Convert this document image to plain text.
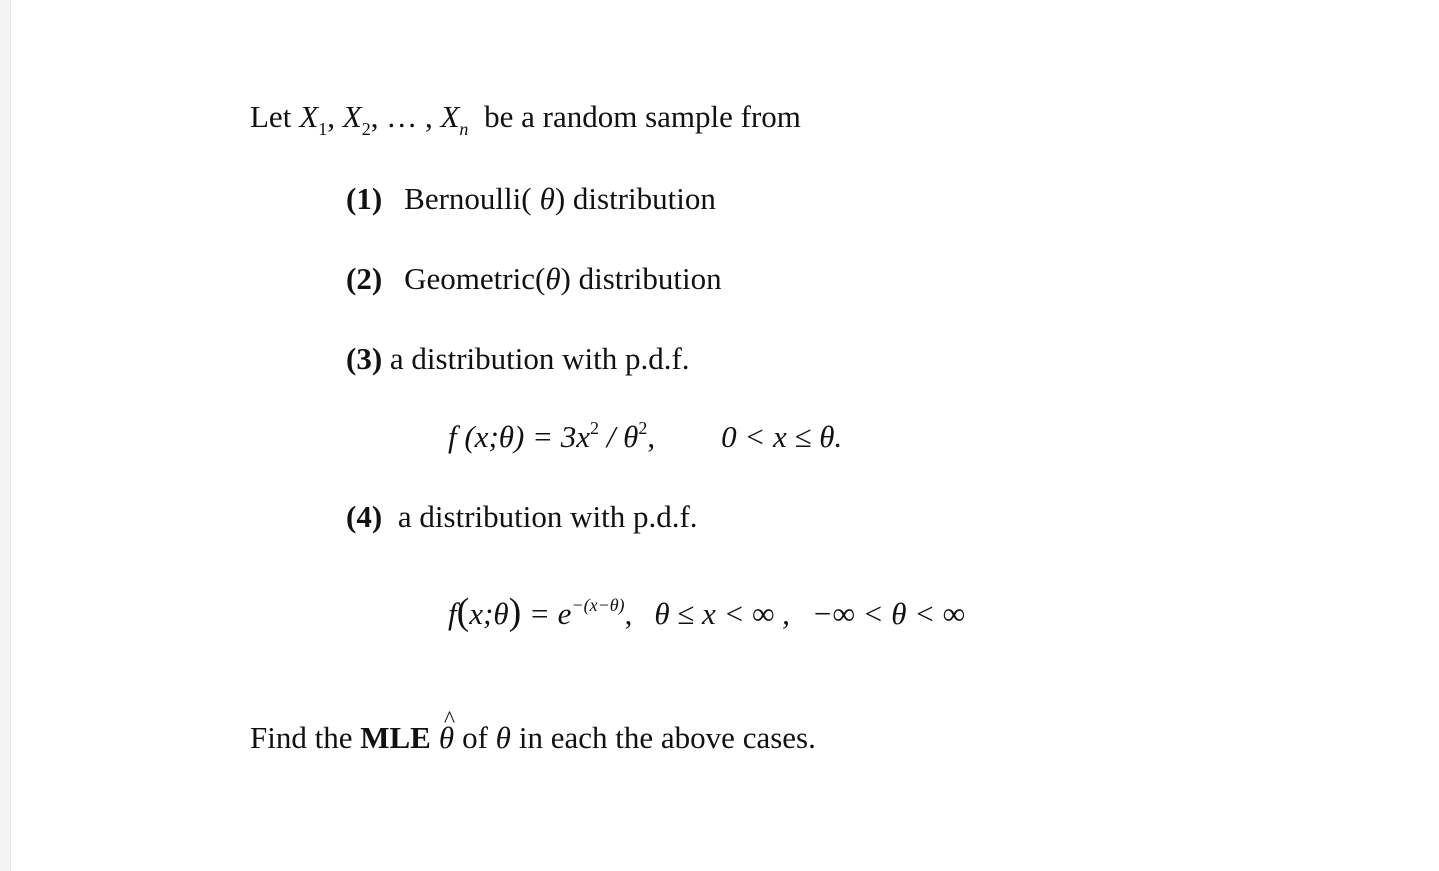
Let $X_1$, $X_2$, … , $X_n$ be a random sample from
(1) Bernoulli( θ) distribution
(2) Geometric(θ) distribution
(3) a distribution with p.d.f.
f (x;θ) = $3x^2 / \theta^2$, 0 < x ≤ θ.
(4) a distribution with p.d.f.
f(x;θ) = $e^{-(x-\theta)}$, θ ≤ x < ∞ , −∞ < θ < ∞
Find the MLE θ ^ of θ in each the above cases.
